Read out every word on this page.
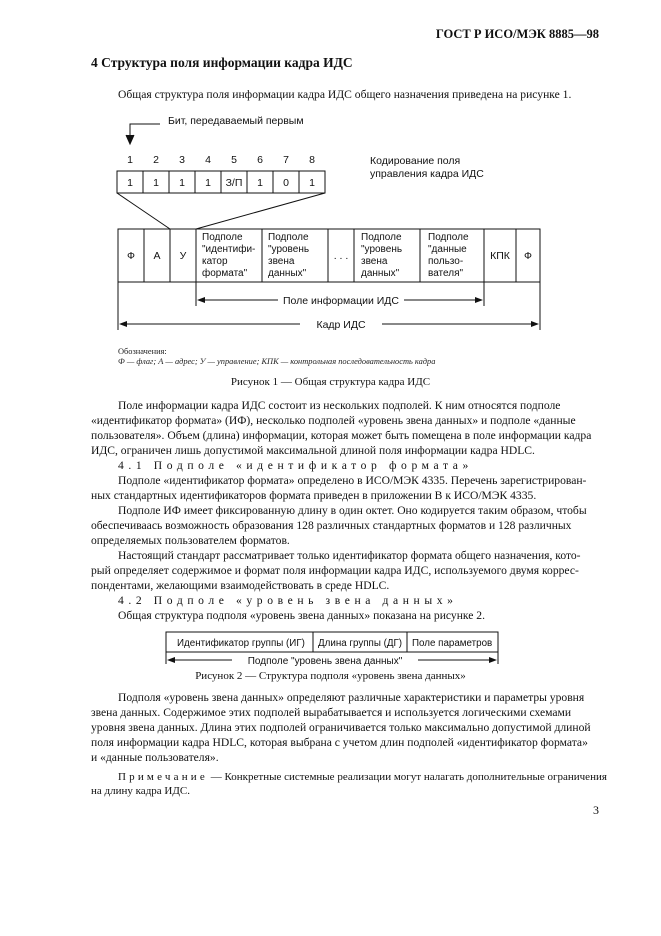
ГОСТ Р ИСО/МЭК 8885—98
4 Структура поля информации кадра ИДС
Общая структура поля информации кадра ИДС общего назначения приведена на рисунке 1.
Бит, передаваемый первым
1 2 3 4 5 6 7 8
1 1 1 1 З/П 1 0 1
Кодирование поля
управления кадра ИДС
Ф А У	. . .	КПК Ф
Подполе
"идентифи-
катор
формата"
Подполе
"уровень
звена
данных"
Подполе
"уровень
звена
данных"
Подполе
"данные
пользо-
вателя"
Поле информации ИДС
Кадр ИДС
Обозначения:
Ф — флаг; А — адрес; У — управление; КПК — контрольная последовательность кадра
Рисунок 1 — Общая структура кадра ИДС
Поле информации кадра ИДС состоит из нескольких подполей. К ним относятся подполе
«идентификатор формата» (ИФ), несколько подполей «уровень звена данных» и подполе «данные
пользователя». Объем (длина) информации, которая может быть помещена в поле информации кадра
ИДС, ограничен лишь допустимой максимальной длиной поля информации кадра HDLC.
4.1 Подполе «идентификатор формата»
Подполе «идентификатор формата» определено в ИСО/МЭК 4335. Перечень зарегистрирован-
ных стандартных идентификаторов формата приведен в приложении В к ИСО/МЭК 4335.
Подполе ИФ имеет фиксированную длину в один октет. Оно кодируется таким образом, чтобы
обеспечиваась возможность образования 128 различных стандартных форматов и 128 различных
определяемых пользователем форматов.
Настоящий стандарт рассматривает только идентификатор формата общего назначения, кото-
рый определяет содержимое и формат поля информации кадра ИДС, используемого двумя коррес-
пондентами, желающими взаимодействовать в среде HDLC.
4.2 Подполе «уровень звена данных»
Общая структура подполя «уровень звена данных» показана на рисунке 2.
Идентификатор группы (ИГ) Длина группы (ДГ) Поле параметров
Подполе "уровень звена данных"
Рисунок 2 — Структура подполя «уровень звена данных»
Подполя «уровень звена данных» определяют различные характеристики и параметры уровня
звена данных. Содержимое этих подполей вырабатывается и используется логическими схемами
уровня звена данных. Длина этих подполей ограничивается только максимально допустимой длиной
поля информации кадра HDLC, которая выбрана с учетом длин подполей «идентификатор формата»
и «данные пользователя».
Примечание — Конкретные системные реализации могут налагать дополнительные ограничения
на длину кадра ИДС.
3
